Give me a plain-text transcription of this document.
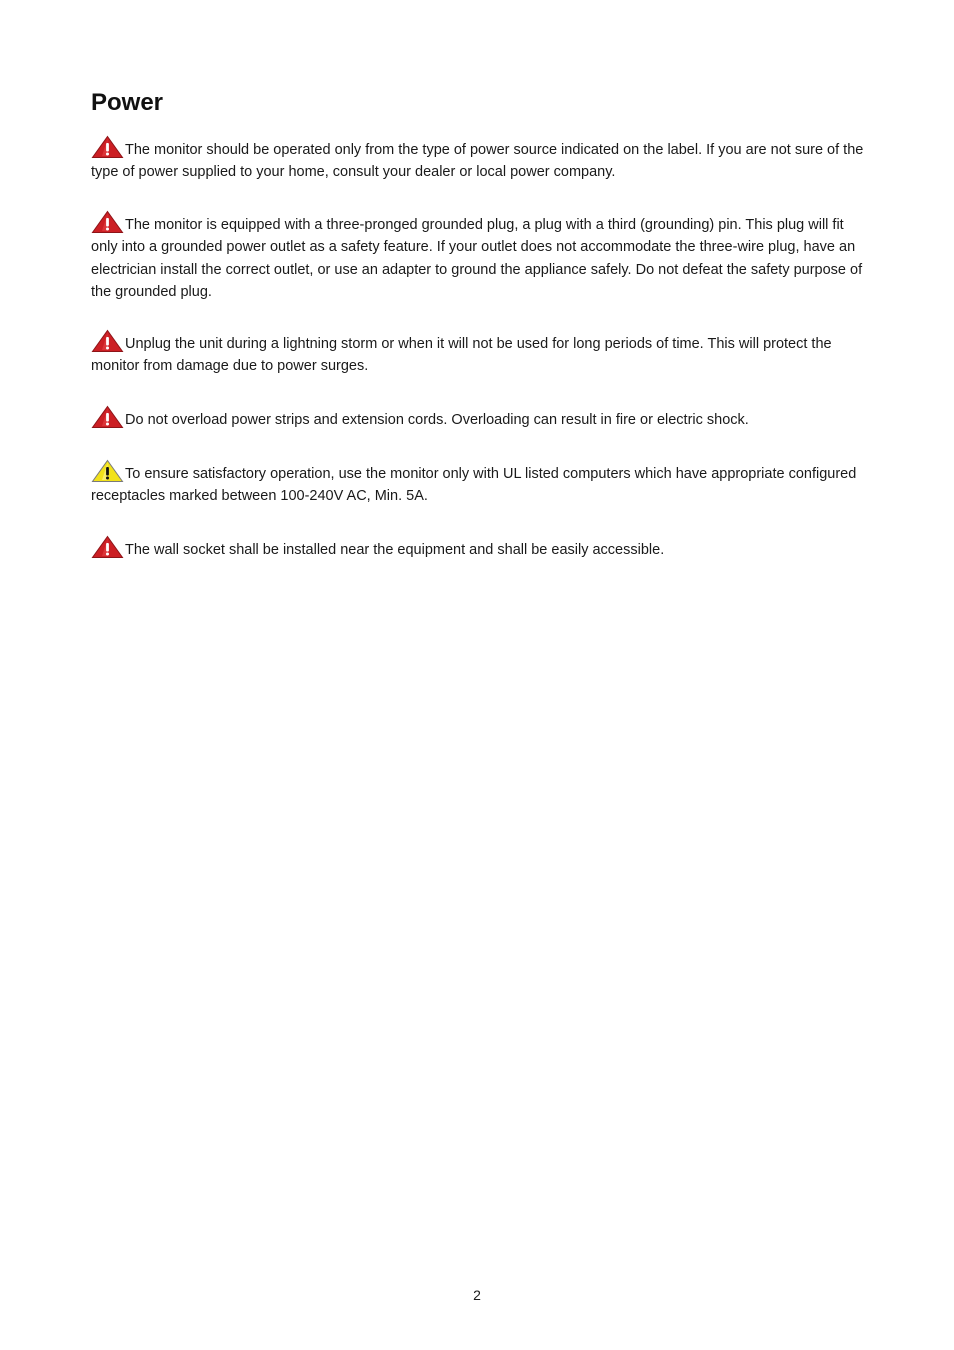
Power

The monitor should be operated only from the type of power source indicated on the label. If you are not sure of the type of power supplied to your home, consult your dealer or local power company.

The monitor is equipped with a three-pronged grounded plug, a plug with a third (grounding) pin. This plug will fit only into a grounded power outlet as a safety feature. If your outlet does not accommodate the three-wire plug, have an electrician install the correct outlet, or use an adapter to ground the appliance safely. Do not defeat the safety purpose of the grounded plug.

Unplug the unit during a lightning storm or when it will not be used for long periods of time. This will protect the monitor from damage due to power surges.

Do not overload power strips and extension cords. Overloading can result in fire or electric shock.

To ensure satisfactory operation, use the monitor only with UL listed computers which have appropriate configured receptacles marked between 100-240V AC, Min. 5A.

The wall socket shall be installed near the equipment and shall be easily accessible.

2
